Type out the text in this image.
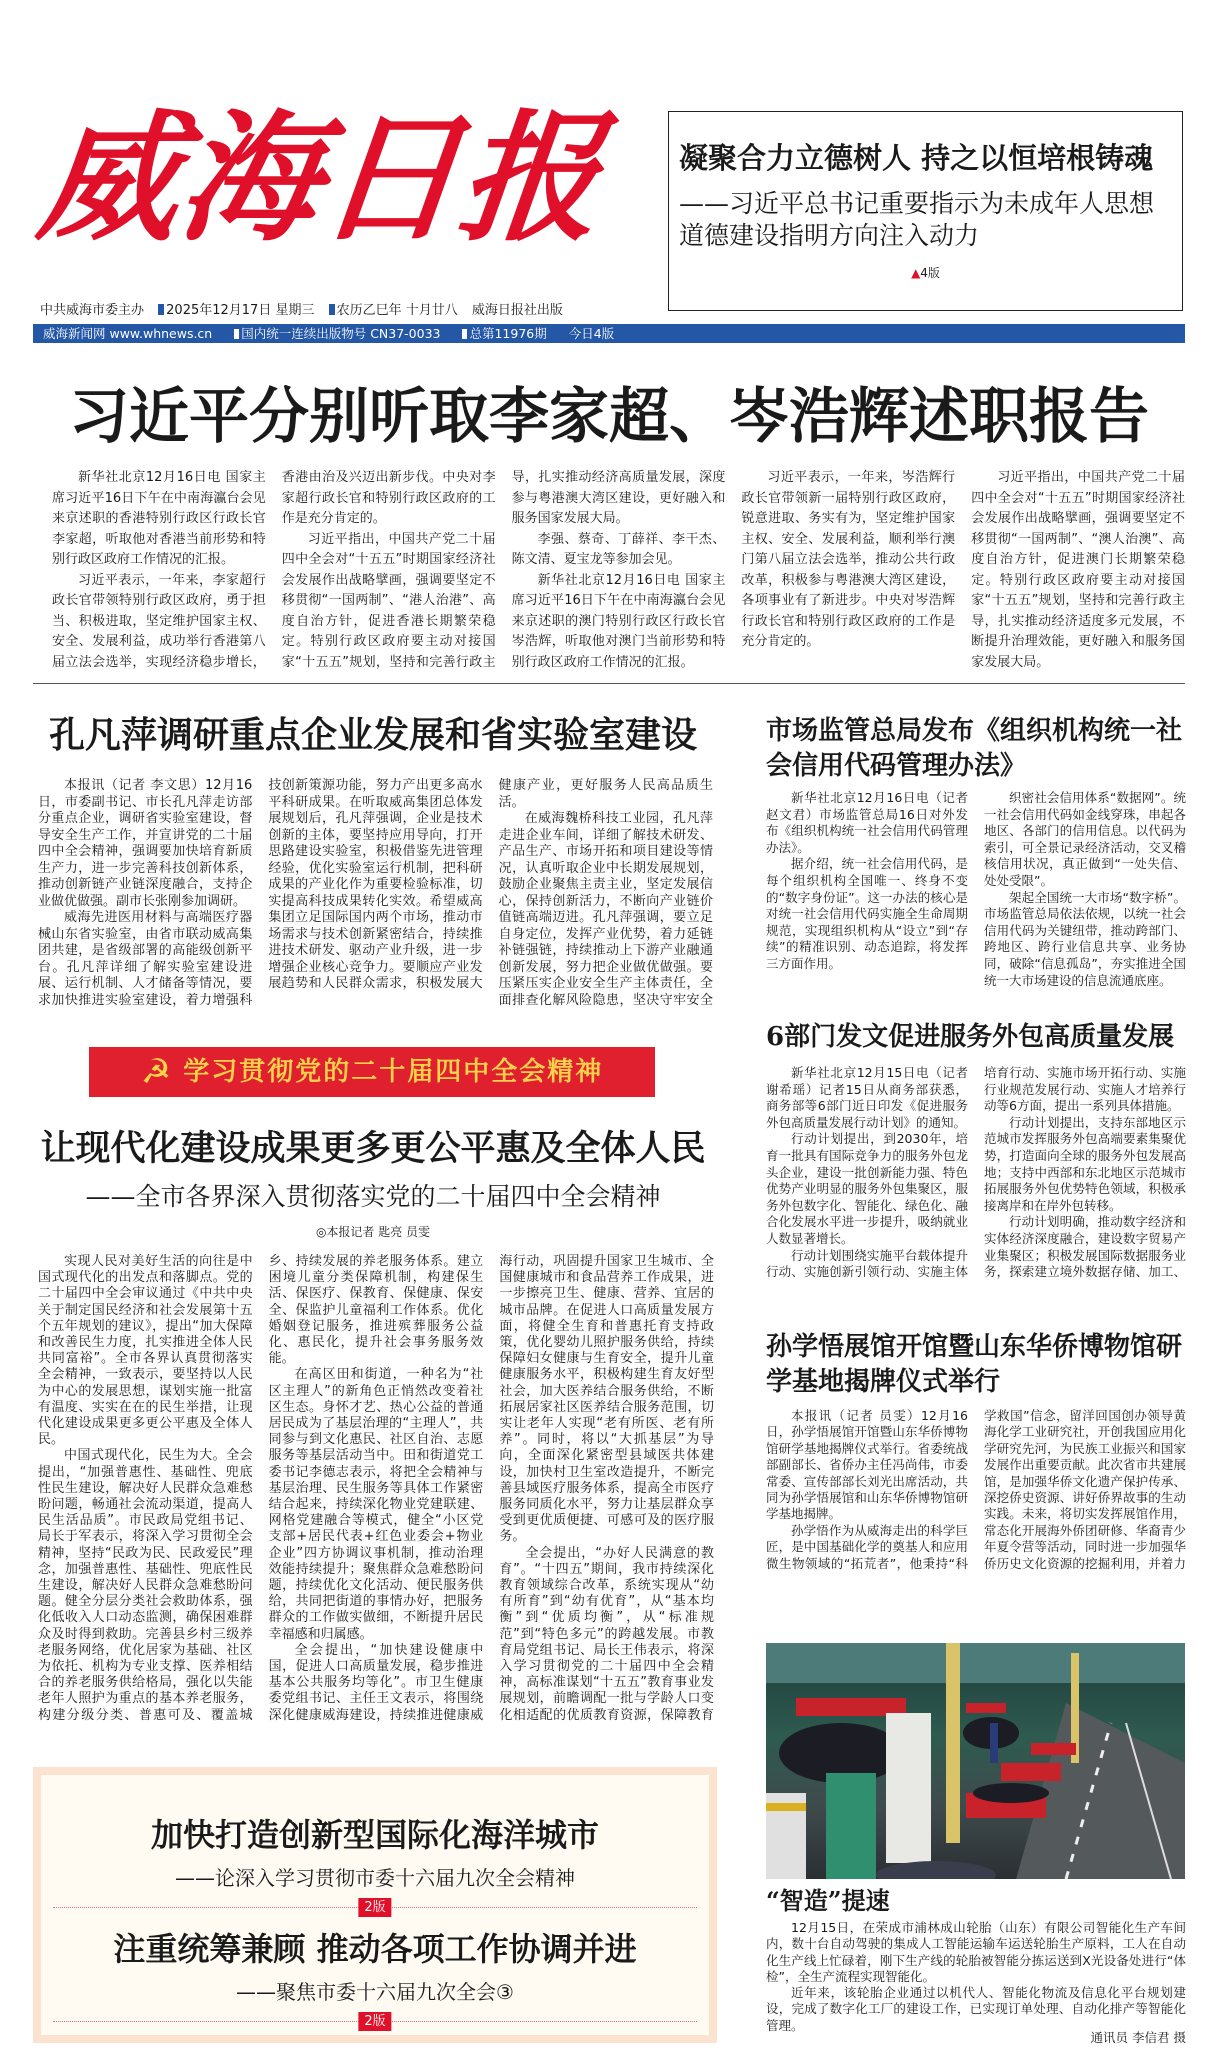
威海日报	凝聚合力立德树人 持之以恒培根铸魂
——习近平总书记重要指示为未成年人思想道德建设指明方向注入动力
▲4版
中共威海市委主办 2025年12月17日 星期三 农历乙巳年 十月廿八 威海日报社出版
威海新闻网 www.whnews.cn 国内统一连续出版物号 CN37-0033 总第11976期 今日4版
习近平分别听取李家超、岑浩辉述职报告

新华社北京12月16日电 国家主席习近平16日下午在中南海瀛台会见来京述职的香港特别行政区行政长官李家超，听取他对香港当前形势和特别行政区政府工作情况的汇报。

习近平表示，一年来，李家超行政长官带领特别行政区政府，勇于担当、积极进取，坚定维护国家主权、安全、发展利益，成功举行香港第八届立法会选举，实现经济稳步增长，香港由治及兴迈出新步伐。中央对李家超行政长官和特别行政区政府的工作是充分肯定的。

习近平指出，中国共产党二十届四中全会对“十五五”时期国家经济社会发展作出战略擘画，强调要坚定不移贯彻“一国两制”、“港人治港”、高度自治方针，促进香港长期繁荣稳定。特别行政区政府要主动对接国家“十五五”规划，坚持和完善行政主导，扎实推动经济高质量发展，深度参与粤港澳大湾区建设，更好融入和服务国家发展大局。

李强、蔡奇、丁薛祥、李干杰、陈文清、夏宝龙等参加会见。

新华社北京12月16日电 国家主席习近平16日下午在中南海瀛台会见来京述职的澳门特别行政区行政长官岑浩辉，听取他对澳门当前形势和特别行政区政府工作情况的汇报。

习近平表示，一年来，岑浩辉行政长官带领新一届特别行政区政府，锐意进取、务实有为，坚定维护国家主权、安全、发展利益，顺利举行澳门第八届立法会选举，推动公共行政改革，积极参与粤港澳大湾区建设，各项事业有了新进步。中央对岑浩辉行政长官和特别行政区政府的工作是充分肯定的。

习近平指出，中国共产党二十届四中全会对“十五五”时期国家经济社会发展作出战略擘画，强调要坚定不移贯彻“一国两制”、“澳人治澳”、高度自治方针，促进澳门长期繁荣稳定。特别行政区政府要主动对接国家“十五五”规划，坚持和完善行政主导，扎实推动经济适度多元发展，不断提升治理效能，更好融入和服务国家发展大局。

孔凡萍调研重点企业发展和省实验室建设

本报讯（记者 李文思）12月16日，市委副书记、市长孔凡萍走访部分重点企业，调研省实验室建设，督导安全生产工作，并宣讲党的二十届四中全会精神，强调要加快培育新质生产力，进一步完善科技创新体系，推动创新链产业链深度融合，支持企业做优做强。副市长张刚参加调研。

威海先进医用材料与高端医疗器械山东省实验室，由省市联动威高集团共建，是省级部署的高能级创新平台。孔凡萍详细了解实验室建设进展、运行机制、人才储备等情况，要求加快推进实验室建设，着力增强科技创新策源功能，努力产出更多高水平科研成果。在听取威高集团总体发展规划后，孔凡萍强调，企业是技术创新的主体，要坚持应用导向，打开思路建设实验室，积极借鉴先进管理经验，优化实验室运行机制，把科研成果的产业化作为重要检验标准，切实提高科技成果转化实效。希望威高集团立足国际国内两个市场，推动市场需求与技术创新紧密结合，持续推进技术研发、驱动产业升级，进一步增强企业核心竞争力。要顺应产业发展趋势和人民群众需求，积极发展大健康产业，更好服务人民高品质生活。

在威海魏桥科技工业园，孔凡萍走进企业车间，详细了解技术研发、产品生产、市场开拓和项目建设等情况，认真听取企业中长期发展规划，鼓励企业聚焦主责主业，坚定发展信心，保持创新活力，不断向产业链价值链高端迈进。孔凡萍强调，要立足自身定位，发挥产业优势，着力延链补链强链，持续推动上下游产业融通创新发展，努力把企业做优做强。要压紧压实企业安全生产主体责任，全面排查化解风险隐患，坚决守牢安全

市场监管总局发布《组织机构统一社会信用代码管理办法》

新华社北京12月16日电（记者赵文君）市场监管总局16日对外发布《组织机构统一社会信用代码管理办法》。

据介绍，统一社会信用代码，是每个组织机构全国唯一、终身不变的“数字身份证”。这一办法的核心是对统一社会信用代码实施全生命周期规范，实现组织机构从“设立”到“存续”的精准识别、动态追踪，将发挥三方面作用。

织密社会信用体系“数据网”。统一社会信用代码如金线穿珠，串起各地区、各部门的信用信息。以代码为索引，可全景记录经济活动，交叉稽核信用状况，真正做到“一处失信、处处受限”。

架起全国统一大市场“数字桥”。市场监管总局依法依规，以统一社会信用代码为关键纽带，推动跨部门、跨地区、跨行业信息共享、业务协同，破除“信息孤岛”，夯实推进全国统一大市场建设的信息流通底座。

6部门发文促进服务外包高质量发展

新华社北京12月15日电（记者谢希瑶）记者15日从商务部获悉，商务部等6部门近日印发《促进服务外包高质量发展行动计划》的通知。

行动计划提出，到2030年，培育一批具有国际竞争力的服务外包龙头企业，建设一批创新能力强、特色优势产业明显的服务外包集聚区，服务外包数字化、智能化、绿色化、融合化发展水平进一步提升，吸纳就业人数显著增长。

行动计划围绕实施平台载体提升行动、实施创新引领行动、实施主体培育行动、实施市场开拓行动、实施行业规范发展行动、实施人才培养行动等6方面，提出一系列具体措施。

行动计划提出，支持东部地区示范城市发挥服务外包高端要素集聚优势，打造面向全球的服务外包发展高地；支持中西部和东北地区示范城市拓展服务外包优势特色领域，积极承接离岸和在岸外包转移。

行动计划明确，推动数字经济和实体经济深度融合，建设数字贸易产业集聚区；积极发展国际数据服务业务，探索建立境外数据存储、加工、

☭ 学习贯彻党的二十届四中全会精神
让现代化建设成果更多更公平惠及全体人民
——全市各界深入贯彻落实党的二十届四中全会精神
◎本报记者 匙亮 员雯

实现人民对美好生活的向往是中国式现代化的出发点和落脚点。党的二十届四中全会审议通过《中共中央关于制定国民经济和社会发展第十五个五年规划的建议》，提出“加大保障和改善民生力度，扎实推进全体人民共同富裕”。全市各界认真贯彻落实全会精神，一致表示，要坚持以人民为中心的发展思想，谋划实施一批富有温度、实实在在的民生举措，让现代化建设成果更多更公平惠及全体人民。

中国式现代化，民生为大。全会提出，“加强普惠性、基础性、兜底性民生建设，解决好人民群众急难愁盼问题，畅通社会流动渠道，提高人民生活品质”。市民政局党组书记、局长于军表示，将深入学习贯彻全会精神，坚持“民政为民、民政爱民”理念，加强普惠性、基础性、兜底性民生建设，解决好人民群众急难愁盼问题。健全分层分类社会救助体系，强化低收入人口动态监测，确保困难群众及时得到救助。完善县乡村三级养老服务网络，优化居家为基础、社区为依托、机构为专业支撑、医养相结合的养老服务供给格局，强化以失能老年人照护为重点的基本养老服务，构建分级分类、普惠可及、覆盖城乡、持续发展的养老服务体系。建立困境儿童分类保障机制，构建保生活、保医疗、保教育、保健康、保安全、保监护儿童福利工作体系。优化婚姻登记服务，推进殡葬服务公益化、惠民化，提升社会事务服务效能。

在高区田和街道，一种名为“社区主理人”的新角色正悄然改变着社区生态。身怀才艺、热心公益的普通居民成为了基层治理的“主理人”，共同参与到文化惠民、社区自治、志愿服务等基层活动当中。田和街道党工委书记李德志表示，将把全会精神与基层治理、民生服务等具体工作紧密结合起来，持续深化物业党建联建、网格党建融合等模式，健全“小区党支部+居民代表+红色业委会+物业企业”四方协调议事机制，推动治理效能持续提升；聚焦群众急难愁盼问题，持续优化文化活动、便民服务供给，共同把街道的事情办好，把服务群众的工作做实做细，不断提升居民幸福感和归属感。

全会提出，“加快建设健康中国，促进人口高质量发展，稳步推进基本公共服务均等化”。市卫生健康委党组书记、主任王文表示，将围绕深化健康威海建设，持续推进健康威海行动，巩固提升国家卫生城市、全国健康城市和食品营养工作成果，进一步擦亮卫生、健康、营养、宜居的城市品牌。在促进人口高质量发展方面，将健全生育和普惠托育支持政策，优化婴幼儿照护服务供给，持续保障妇女健康与生育安全，提升儿童健康服务水平，积极构建生育友好型社会，加大医养结合服务供给，不断拓展居家社区医养结合服务范围，切实让老年人实现“老有所医、老有所养”。同时，将以“大抓基层”为导向，全面深化紧密型县域医共体建设，加快村卫生室改造提升，不断完善县域医疗服务体系，提高全市医疗服务同质化水平，努力让基层群众享受到更优质便捷、可感可及的医疗服务。

全会提出，“办好人民满意的教育”。“十四五”期间，我市持续深化教育领域综合改革，系统实现从“幼有所育”到“幼有优育”，从“基本均衡”到“优质均衡”，从“标准规范”到“特色多元”的跨越发展。市教育局党组书记、局长王伟表示，将深入学习贯彻党的二十届四中全会精神，高标准谋划“十五五”教育事业发展规划，前瞻调配一批与学龄人口变化相适配的优质教育资源，保障教育

孙学悟展馆开馆暨山东华侨博物馆研学基地揭牌仪式举行

本报讯（记者 员雯）12月16日，孙学悟展馆开馆暨山东华侨博物馆研学基地揭牌仪式举行。省委统战部副部长、省侨办主任冯尚伟，市委常委、宣传部部长刘光出席活动，共同为孙学悟展馆和山东华侨博物馆研学基地揭牌。

孙学悟作为从威海走出的科学巨匠，是中国基础化学的奠基人和应用微生物领域的“拓荒者”，他秉持“科学救国”信念，留洋回国创办领导黄海化学工业研究社，开创我国应用化学研究先河，为民族工业振兴和国家发展作出重要贡献。此次省市共建展馆，是加强华侨文化遗产保护传承、深挖侨史资源、讲好侨界故事的生动实践。未来，将切实发挥展馆作用，常态化开展海外侨团研修、华裔青少年夏令营等活动，同时进一步加强华侨历史文化资源的挖掘利用，并着力

“智造”提速

12月15日，在荣成市浦林成山轮胎（山东）有限公司智能化生产车间内，数十台自动驾驶的集成人工智能运输车运送轮胎生产原料，工人在自动化生产线上忙碌着，刚下生产线的轮胎被智能分拣运送到X光设备处进行“体检”，全生产流程实现智能化。

近年来，该轮胎企业通过以机代人、智能化物流及信息化平台规划建设，完成了数字化工厂的建设工作，已实现订单处理、自动化排产等智能化管理。

通讯员 李信君 摄
加快打造创新型国际化海洋城市
——论深入学习贯彻市委十六届九次全会精神
2版
注重统筹兼顾 推动各项工作协调并进
——聚焦市委十六届九次全会③
2版
